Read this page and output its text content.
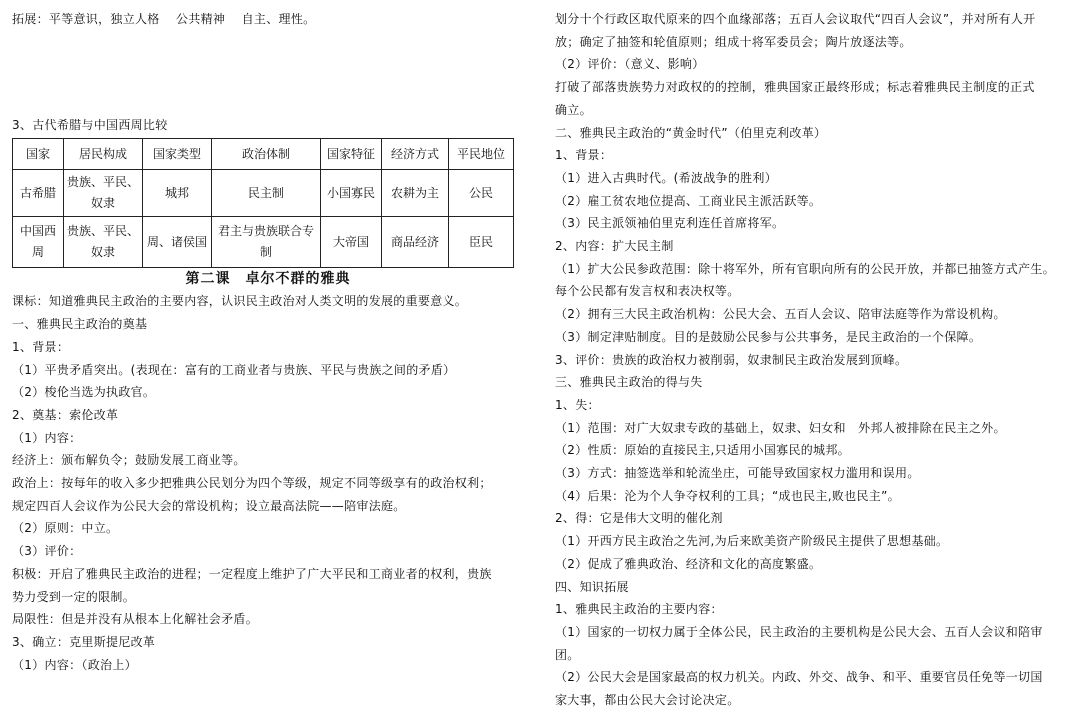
拓展：平等意识，独立人格　 公共精神　 自主、理性。
3、古代希腊与中国西周比较
国家	居民构成	国家类型	政治体制	国家特征	经济方式	平民地位
古希腊	贵族、平民、奴隶	城邦	民主制	小国寡民	农耕为主	公民
中国西周	贵族、平民、奴隶	周、诸侯国	君主与贵族联合专制	大帝国	商品经济	臣民
第二课　卓尔不群的雅典
课标：知道雅典民主政治的主要内容，认识民主政治对人类文明的发展的重要意义。
一、雅典民主政治的奠基
1、背景：
（1）平贵矛盾突出。(表现在：富有的工商业者与贵族、平民与贵族之间的矛盾）
（2）梭伦当选为执政官。
2、奠基：索伦改革
（1）内容：
经济上：颁布解负令；鼓励发展工商业等。
政治上：按每年的收入多少把雅典公民划分为四个等级，规定不同等级享有的政治权利；
规定四百人会议作为公民大会的常设机构；设立最高法院——陪审法庭。
（2）原则：中立。
（3）评价：
积极：开启了雅典民主政治的进程；一定程度上维护了广大平民和工商业者的权利，贵族
势力受到一定的限制。
局限性：但是并没有从根本上化解社会矛盾。
3、确立：克里斯提尼改革
（1）内容：（政治上）
划分十个行政区取代原来的四个血缘部落；五百人会议取代“四百人会议”，并对所有人开
放；确定了抽签和轮值原则；组成十将军委员会；陶片放逐法等。
（2）评价：（意义、影响）
打破了部落贵族势力对政权的的控制，雅典国家正最终形成；标志着雅典民主制度的正式
确立。
二、雅典民主政治的“黄金时代”（伯里克利改革）
1、背景：
（1）进入古典时代。(希波战争的胜利）
（2）雇工贫农地位提高、工商业民主派活跃等。
（3）民主派领袖伯里克利连任首席将军。
2、内容：扩大民主制
（1）扩大公民参政范围：除十将军外，所有官职向所有的公民开放，并都已抽签方式产生。
每个公民都有发言权和表决权等。
（2）拥有三大民主政治机构：公民大会、五百人会议、陪审法庭等作为常设机构。
（3）制定津贴制度。目的是鼓励公民参与公共事务，是民主政治的一个保障。
3、评价：贵族的政治权力被削弱，奴隶制民主政治发展到顶峰。
三、雅典民主政治的得与失
1、失：
（1）范围：对广大奴隶专政的基础上，奴隶、妇女和　外邦人被排除在民主之外。
（2）性质：原始的直接民主,只适用小国寡民的城邦。
（3）方式：抽签选举和轮流坐庄，可能导致国家权力滥用和误用。
（4）后果：沦为个人争夺权利的工具；“成也民主,败也民主”。
2、得：它是伟大文明的催化剂
（1）开西方民主政治之先河,为后来欧美资产阶级民主提供了思想基础。
（2）促成了雅典政治、经济和文化的高度繁盛。
四、知识拓展
1、雅典民主政治的主要内容：
（1）国家的一切权力属于全体公民，民主政治的主要机构是公民大会、五百人会议和陪审
团。
（2）公民大会是国家最高的权力机关。内政、外交、战争、和平、重要官员任免等一切国
家大事，都由公民大会讨论决定。
